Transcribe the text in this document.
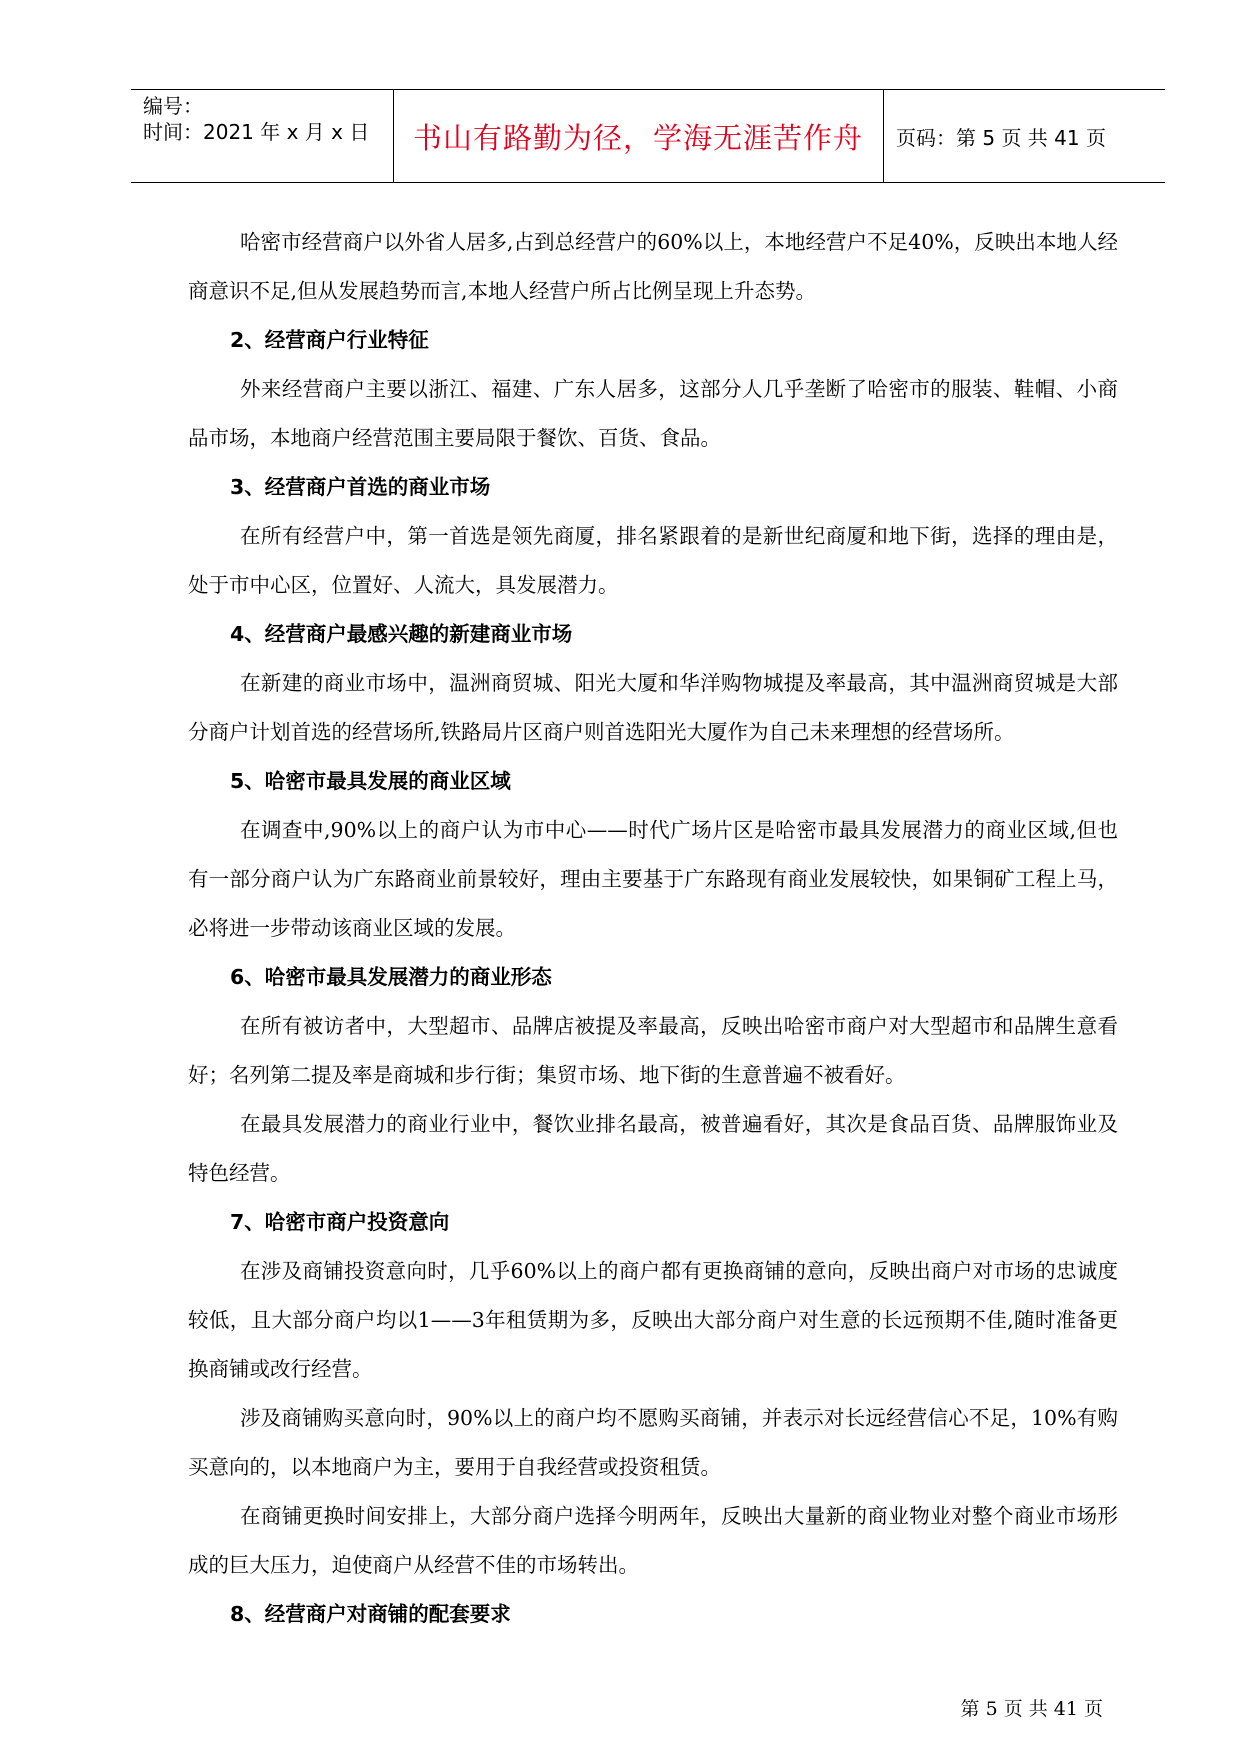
编号：
时间：2021 年 x 月 x 日 书山有路勤为径，学海无涯苦作舟 页码：第 5 页 共 41 页

哈密市经营商户以外省人居多,占到总经营户的60%以上，本地经营户不足40%，反映出本地人经商意识不足,但从发展趋势而言,本地人经营户所占比例呈现上升态势。

2、经营商户行业特征

外来经营商户主要以浙江、福建、广东人居多，这部分人几乎垄断了哈密市的服装、鞋帽、小商品市场，本地商户经营范围主要局限于餐饮、百货、食品。

3、经营商户首选的商业市场

在所有经营户中，第一首选是领先商厦，排名紧跟着的是新世纪商厦和地下街，选择的理由是，处于市中心区，位置好、人流大，具发展潜力。

4、经营商户最感兴趣的新建商业市场

在新建的商业市场中，温洲商贸城、阳光大厦和华洋购物城提及率最高，其中温洲商贸城是大部分商户计划首选的经营场所,铁路局片区商户则首选阳光大厦作为自己未来理想的经营场所。

5、哈密市最具发展的商业区域

在调查中,90%以上的商户认为市中心——时代广场片区是哈密市最具发展潜力的商业区域,但也有一部分商户认为广东路商业前景较好，理由主要基于广东路现有商业发展较快，如果铜矿工程上马，必将进一步带动该商业区域的发展。

6、哈密市最具发展潜力的商业形态

在所有被访者中，大型超市、品牌店被提及率最高，反映出哈密市商户对大型超市和品牌生意看好；名列第二提及率是商城和步行街；集贸市场、地下街的生意普遍不被看好。

在最具发展潜力的商业行业中，餐饮业排名最高，被普遍看好，其次是食品百货、品牌服饰业及特色经营。

7、哈密市商户投资意向

在涉及商铺投资意向时，几乎60%以上的商户都有更换商铺的意向，反映出商户对市场的忠诚度较低，且大部分商户均以1——3年租赁期为多，反映出大部分商户对生意的长远预期不佳,随时准备更换商铺或改行经营。

涉及商铺购买意向时，90%以上的商户均不愿购买商铺，并表示对长远经营信心不足，10%有购买意向的，以本地商户为主，要用于自我经营或投资租赁。

在商铺更换时间安排上，大部分商户选择今明两年，反映出大量新的商业物业对整个商业市场形成的巨大压力，迫使商户从经营不佳的市场转出。

8、经营商户对商铺的配套要求

第 5 页 共 41 页
